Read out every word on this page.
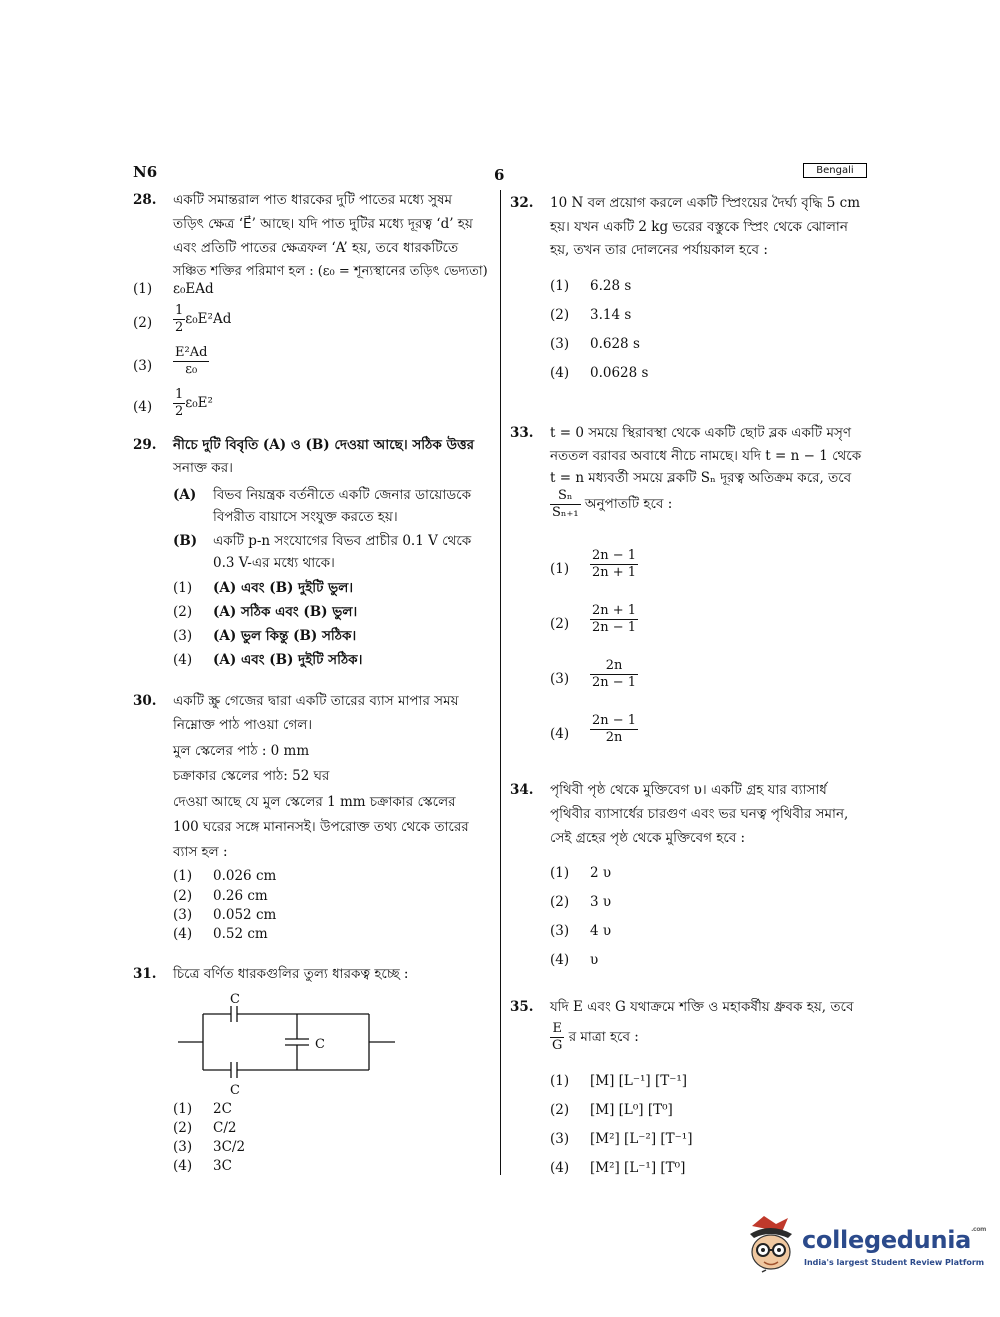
N6	6	Bengali
28. একটি সমান্তরাল পাত ধারকের দুটি পাতের মধ্যে সুষম
তড়িৎ ক্ষেত্র ‘E⃗’ আছে। যদি পাত দুটির মধ্যে দূরত্ব ‘d’ হয়
এবং প্রতিটি পাতের ক্ষেত্রফল ‘A’ হয়, তবে ধারকটিতে
সঞ্চিত শক্তির পরিমাণ হল : (ε₀ = শূন্যস্থানের তড়িৎ ভেদ্যতা)
(1) ε₀EAd
$(2) \frac{1}{2} \varepsilon_0E^2Ad$
$(3) \frac{\text{E²Ad}}{\text{ε₀}}$
$(4) \frac{1}{2} \varepsilon_0E^2$
29. নীচে দুটি বিবৃতি (A) ও (B) দেওয়া আছে। সঠিক উত্তর
সনাক্ত কর।
(A) বিভব নিয়ন্ত্রক বর্তনীতে একটি জেনার ডায়োডকে
বিপরীত বায়াসে সংযুক্ত করতে হয়।
(B) একটি p-n সংযোগের বিভব প্রাচীর 0.1 V থেকে
0.3 V-এর মধ্যে থাকে।
(1) (A) এবং (B) দুইটি ভুল।
(2) (A) সঠিক এবং (B) ভুল।
(3) (A) ভুল কিন্তু (B) সঠিক।
(4) (A) এবং (B) দুইটি সঠিক।
30. একটি স্ক্রু গেজের দ্বারা একটি তারের ব্যাস মাপার সময়
নিম্নোক্ত পাঠ পাওয়া গেল।
মুল স্কেলের পাঠ : 0 mm
চক্রাকার স্কেলের পাঠ: 52 ঘর
দেওয়া আছে যে মুল স্কেলের 1 mm চক্রাকার স্কেলের
100 ঘরের সঙ্গে মানানসই। উপরোক্ত তথ্য থেকে তারের
ব্যাস হল :
(1) 0.026 cm
(2) 0.26 cm
(3) 0.052 cm
(4) 0.52 cm
31. চিত্রে বর্ণিত ধারকগুলির তুল্য ধারকত্ব হচ্ছে :
C
C
C
(1) 2C
(2) C/2
(3) 3C/2
(4) 3C
32. 10 N বল প্রয়োগ করলে একটি স্প্রিংয়ের দৈর্ঘ্য বৃদ্ধি 5 cm
হয়। যখন একটি 2 kg ভরের বস্তুকে স্প্রিং থেকে ঝোলান
হয়, তখন তার দোলনের পর্যায়কাল হবে :
(1) 6.28 s
(2) 3.14 s
(3) 0.628 s
(4) 0.0628 s
33. t = 0 সময়ে স্থিরাবস্থা থেকে একটি ছোট ব্লক একটি মসৃণ
নততল বরাবর অবাধে নীচে নামছে। যদি t = n − 1 থেকে
t = n মধ্যবর্তী সময়ে ব্লকটি Sₙ দূরত্ব অতিক্রম করে, তবে
$\frac{\text{Sₙ}}{\text{Sₙ₊₁}}$ অনুপাতটি হবে :
$(1) \frac{2n - 1}{2n + 1}$
$(2) \frac{2n + 1}{2n - 1}$
$(3) \frac{2n}{2n - 1}$
$(4) \frac{2n - 1}{2n}$
34. পৃথিবী পৃষ্ঠ থেকে মুক্তিবেগ υ। একটি গ্রহ যার ব্যাসার্ধ
পৃথিবীর ব্যাসার্ধের চারগুণ এবং ভর ঘনত্ব পৃথিবীর সমান,
সেই গ্রহের পৃষ্ঠ থেকে মুক্তিবেগ হবে :
(1) 2 υ
(2) 3 υ
(3) 4 υ
(4) υ
35. যদি E এবং G যথাক্রমে শক্তি ও মহাকর্ষীয় ধ্রুবক হয়, তবে
$\frac{E}{G}$ র মাত্রা হবে :
(1) [M] [L⁻¹] [T⁻¹]
(2) [M] [L⁰] [T⁰]
(3) [M²] [L⁻²] [T⁻¹]
(4) [M²] [L⁻¹] [T⁰]
collegedunia$^{.com}$
India's largest Student Review Platform
